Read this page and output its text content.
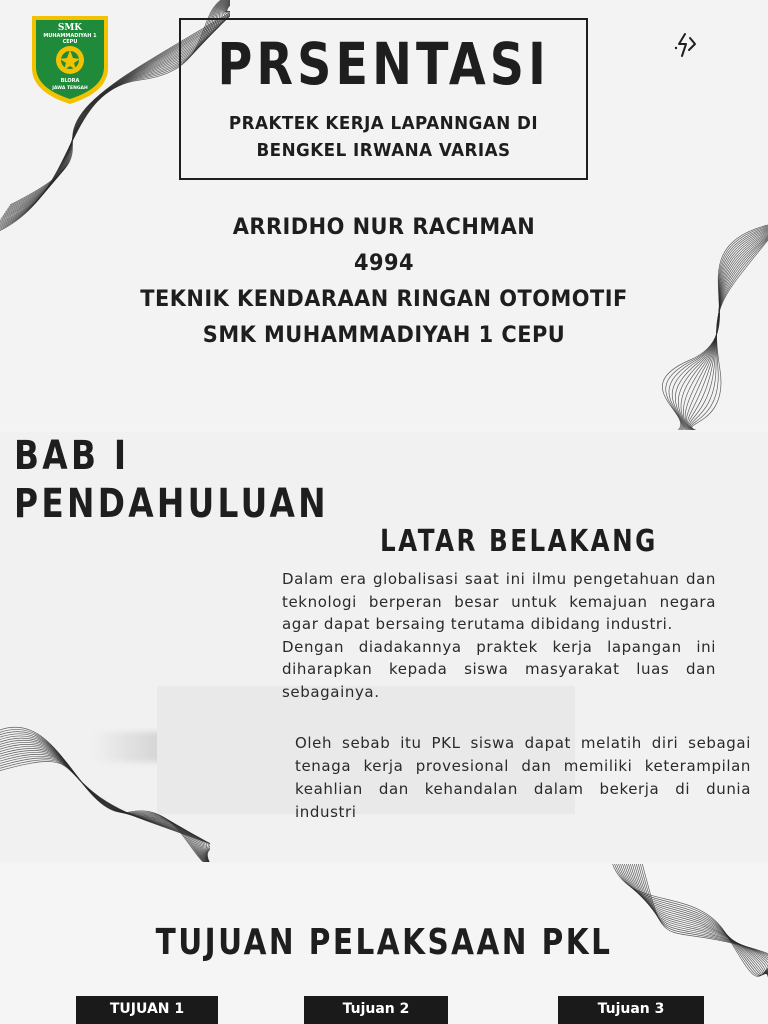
SMK
MUHAMMADIYAH 1
CEPU
BLORA
JAWA TENGAH PRSENTASI
PRAKTEK KERJA LAPANNGAN DI
BENGKEL IRWANA VARIAS
ARRIDHO NUR RACHMAN
4994
TEKNIK KENDARAAN RINGAN OTOMOTIF
SMK MUHAMMADIYAH 1 CEPU
BAB I
PENDAHULUAN
LATAR BELAKANG

Dalam era globalisasi saat ini ilmu pengetahuan dan teknologi berperan besar untuk kemajuan negara agar dapat bersaing terutama dibidang industri.

Dengan diadakannya praktek kerja lapangan ini diharapkan kepada siswa masyarakat luas dan sebagainya.

Oleh sebab itu PKL siswa dapat melatih diri sebagai tenaga kerja provesional dan memiliki keterampilan keahlian dan kehandalan dalam bekerja di dunia industri
TUJUAN PELAKSAAN PKL
TUJUAN 1	Tujuan 2	Tujuan 3
